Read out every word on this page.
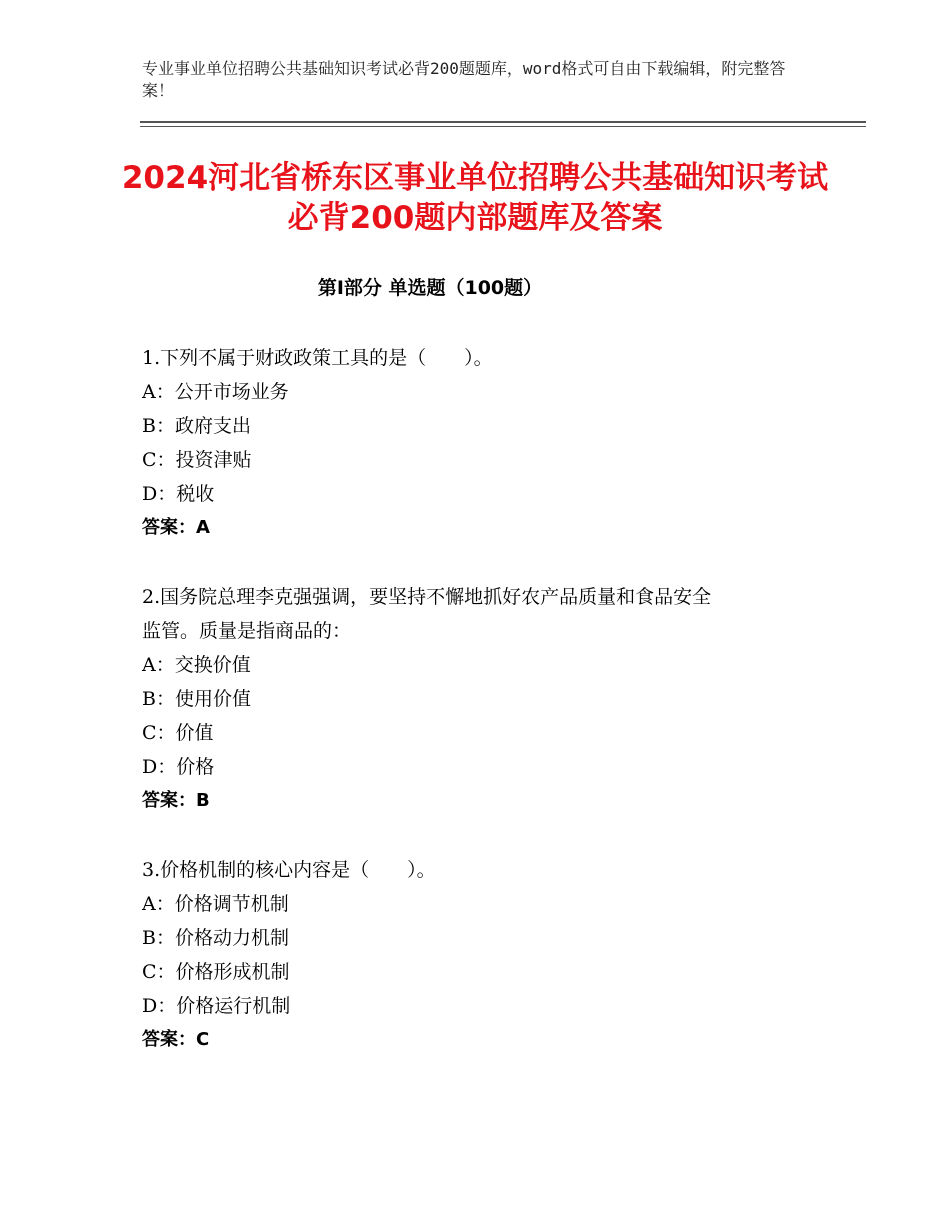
专业事业单位招聘公共基础知识考试必背200题题库，word格式可自由下载编辑，附完整答案！
2024河北省桥东区事业单位招聘公共基础知识考试必背200题内部题库及答案
第Ⅰ部分 单选题（100题）
1.下列不属于财政政策工具的是（　　）。
A：公开市场业务
B：政府支出
C：投资津贴
D：税收
答案：A
2.国务院总理李克强强调，要坚持不懈地抓好农产品质量和食品安全
监管。质量是指商品的：
A：交换价值
B：使用价值
C：价值
D：价格
答案：B
3.价格机制的核心内容是（　　）。
A：价格调节机制
B：价格动力机制
C：价格形成机制
D：价格运行机制
答案：C
